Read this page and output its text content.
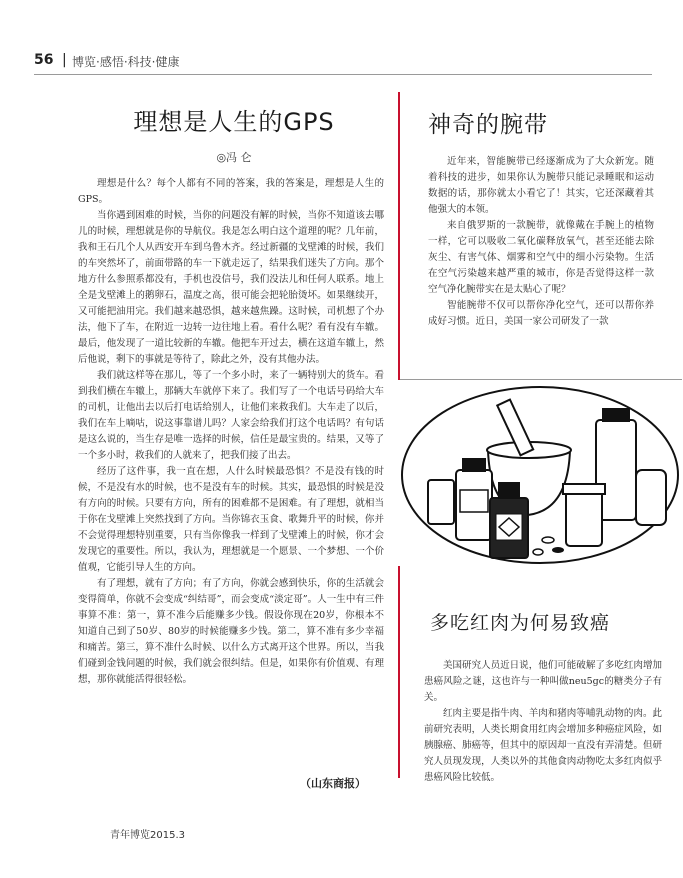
56 | 博览·感悟·科技·健康
理想是人生的GPS
◎冯 仑

理想是什么？每个人都有不同的答案，我的答案是，理想是人生的GPS。

当你遇到困难的时候，当你的问题没有解的时候，当你不知道该去哪儿的时候，理想就是你的导航仪。我是怎么明白这个道理的呢？几年前，我和王石几个人从西安开车到乌鲁木齐。经过新疆的戈壁滩的时候，我们的车突然坏了，前面带路的车一下就走远了，结果我们迷失了方向。那个地方什么参照系都没有，手机也没信号，我们没法儿和任何人联系。地上全是戈壁滩上的鹅卵石，温度之高，很可能会把轮胎烫坏。如果继续开，又可能把油用完。我们越来越恐惧，越来越焦躁。这时候，司机想了个办法，他下了车，在附近一边转一边往地上看。看什么呢？看有没有车辙。最后，他发现了一道比较新的车辙。他把车开过去，横在这道车辙上，然后他说，剩下的事就是等待了，除此之外，没有其他办法。

我们就这样等在那儿，等了一个多小时，来了一辆特别大的货车。看到我们横在车辙上，那辆大车就停下来了。我们写了一个电话号码给大车的司机，让他出去以后打电话给别人，让他们来救我们。大车走了以后，我们在车上嘀咕，说这事靠谱儿吗？人家会给我们打这个电话吗？有句话是这么说的，当生存是唯一选择的时候，信任是最宝贵的。结果，又等了一个多小时，救我们的人就来了，把我们接了出去。

经历了这件事，我一直在想，人什么时候最恐惧？不是没有钱的时候，不是没有水的时候，也不是没有车的时候。其实，最恐惧的时候是没有方向的时候。只要有方向，所有的困难都不是困难。有了理想，就相当于你在戈壁滩上突然找到了方向。当你锦衣玉食、歌舞升平的时候，你并不会觉得理想特别重要，只有当你像我一样到了戈壁滩上的时候，你才会发现它的重要性。所以，我认为，理想就是一个愿景、一个梦想、一个价值观，它能引导人生的方向。

有了理想，就有了方向；有了方向，你就会感到快乐，你的生活就会变得简单，你就不会变成“纠结哥”，而会变成“淡定哥”。人一生中有三件事算不准：第一，算不准今后能赚多少钱。假设你现在20岁，你根本不知道自己到了50岁、80岁的时候能赚多少钱。第二，算不准有多少幸福和痛苦。第三，算不准什么时候、以什么方式离开这个世界。所以，当我们碰到金钱问题的时候，我们就会很纠结。但是，如果你有价值观、有理想，那你就能活得很轻松。

（山东商报）
神奇的腕带

近年来，智能腕带已经逐渐成为了大众新宠。随着科技的进步，如果你认为腕带只能记录睡眠和运动数据的话，那你就太小看它了！其实，它还深藏着其他强大的本领。

来自俄罗斯的一款腕带，就像戴在手腕上的植物一样，它可以吸收二氧化碳释放氧气，甚至还能去除灰尘、有害气体、烟雾和空气中的细小污染物。生活在空气污染越来越严重的城市，你是否觉得这样一款空气净化腕带实在是太贴心了呢？

智能腕带不仅可以帮你净化空气，还可以帮你养成好习惯。近日，美国一家公司研发了一款

多吃红肉为何易致癌

美国研究人员近日说，他们可能破解了多吃红肉增加患癌风险之谜，这也许与一种叫做neu5gc的糖类分子有关。

红肉主要是指牛肉、羊肉和猪肉等哺乳动物的肉。此前研究表明，人类长期食用红肉会增加多种癌症风险，如胰腺癌、肺癌等，但其中的原因却一直没有弄清楚。但研究人员现发现，人类以外的其他食肉动物吃太多红肉似乎患癌风险比较低。

青年博览2015.3
